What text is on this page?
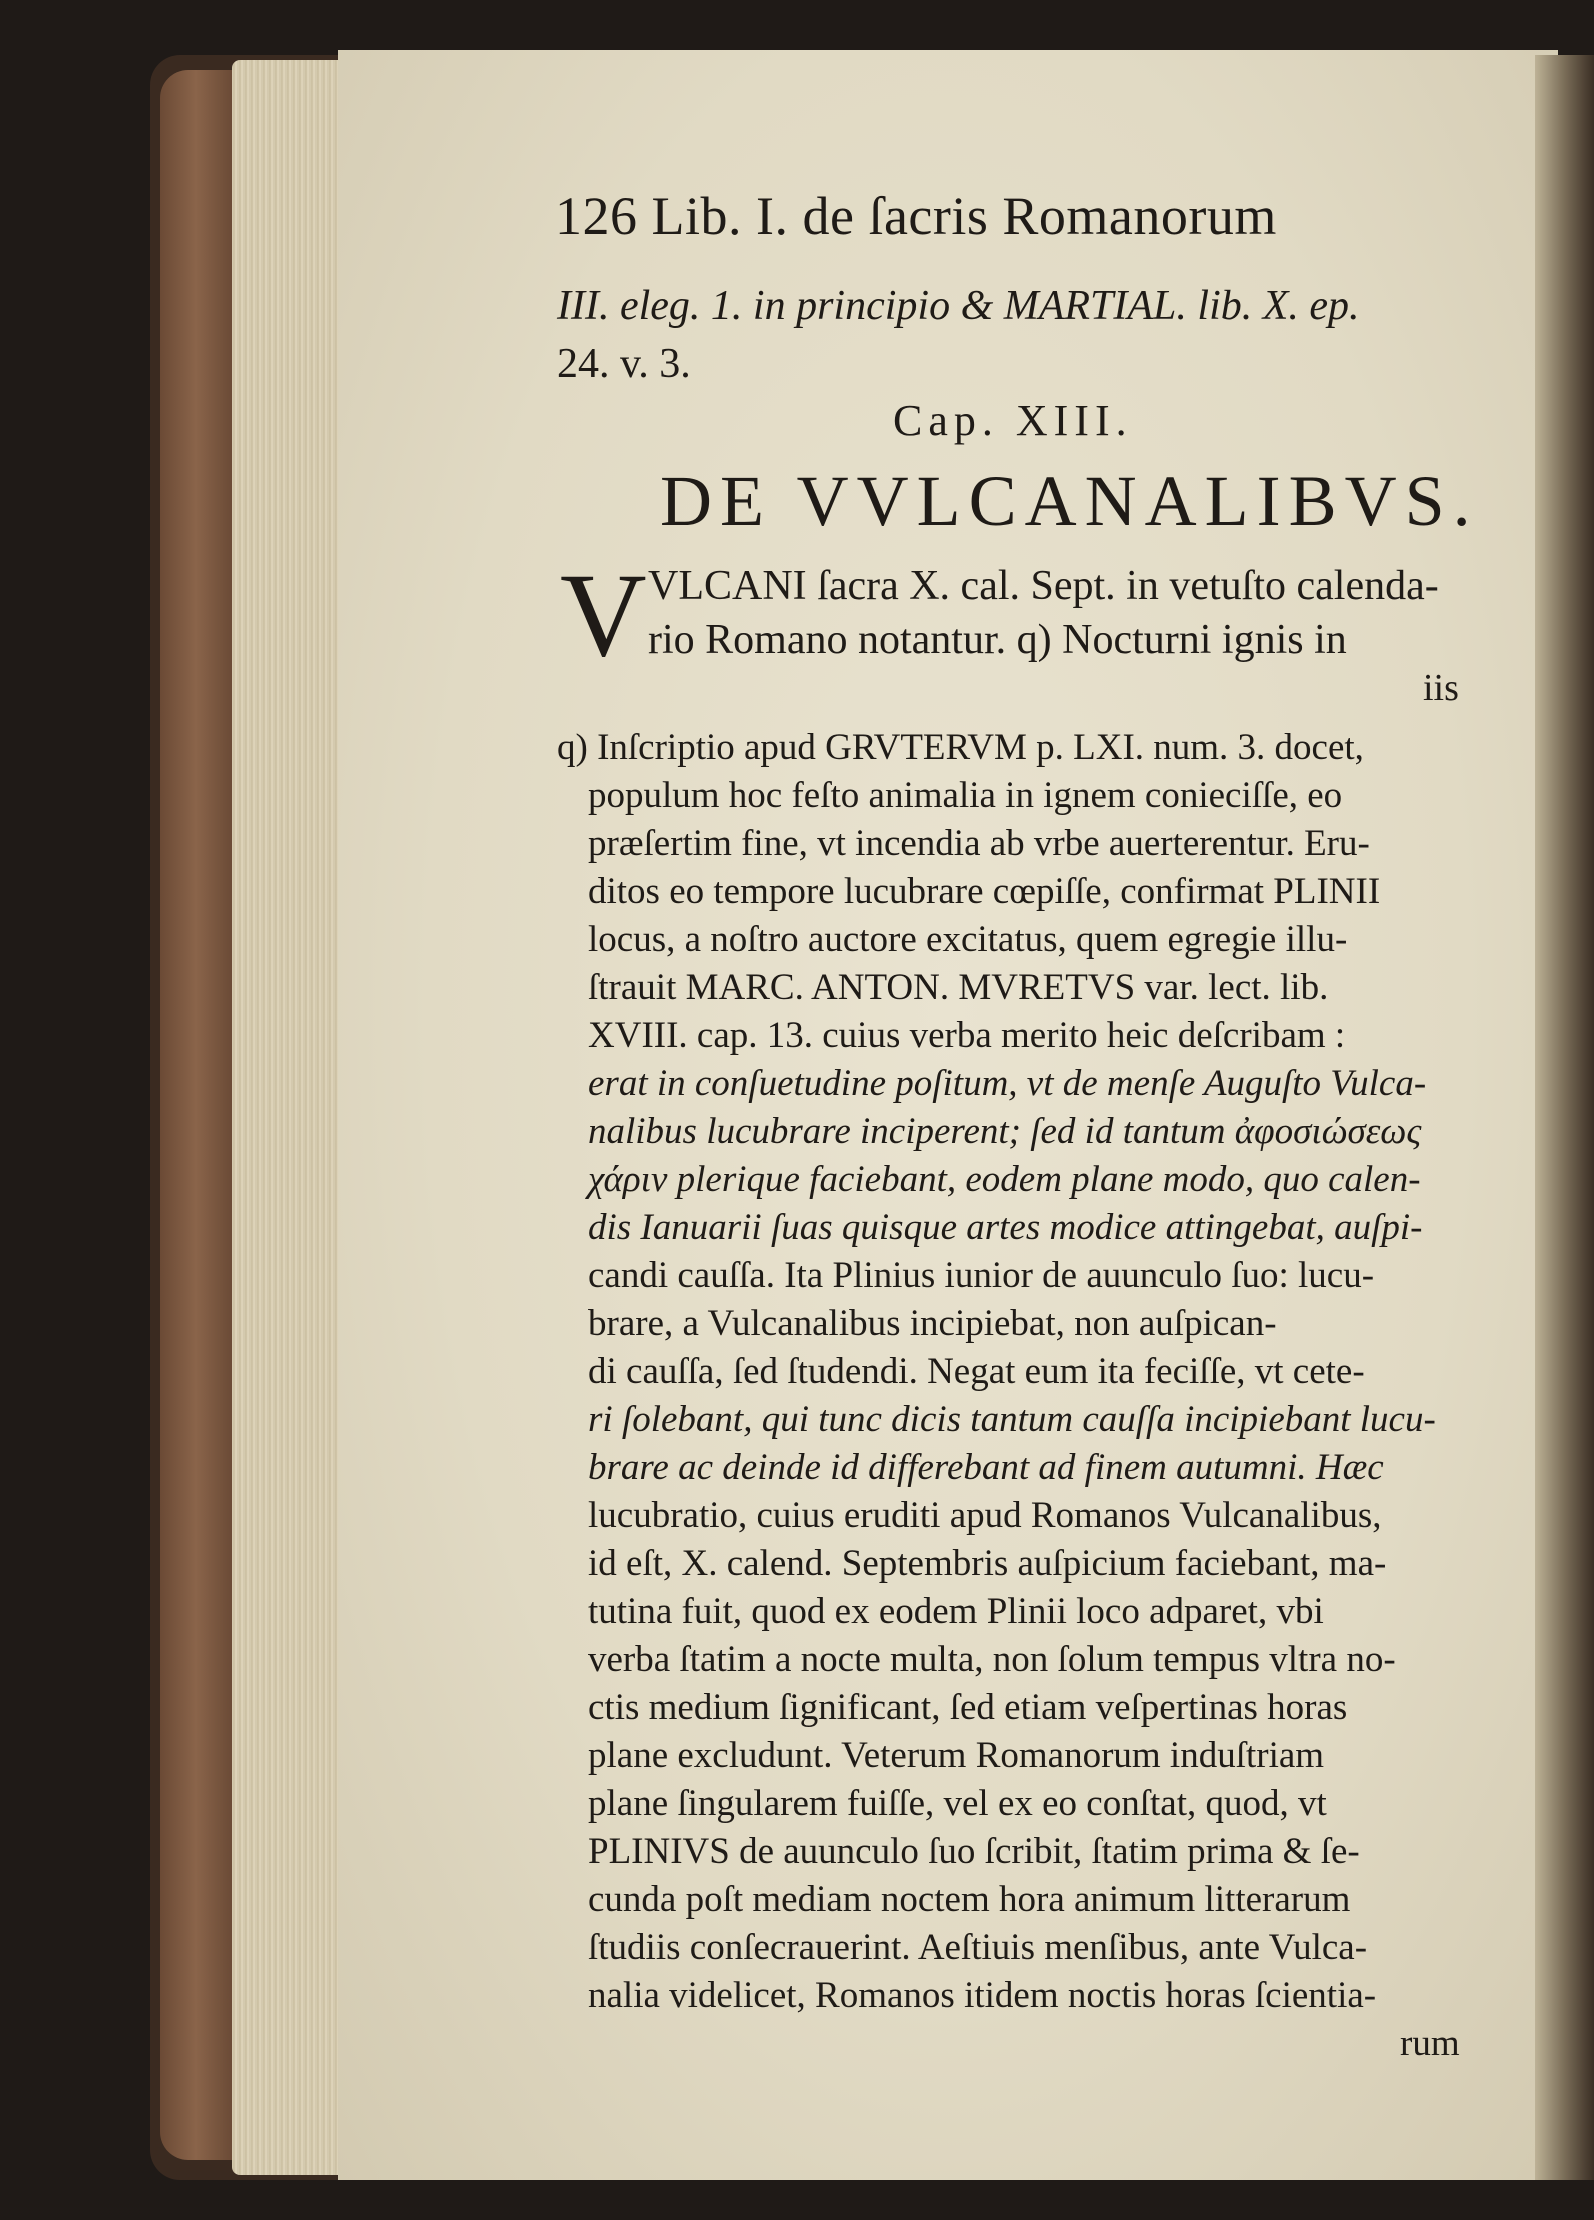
126 Lib. I. de ſacris Romanorum

III. eleg. 1. in principio & MARTIAL. lib. X. ep.

24. v. 3.

Cap. XIII.

DE VVLCANALIBVS.

V VLCANI ſacra X. cal. Sept. in vetuſto calenda-

rio Romano notantur. q) Nocturni ignis in

iis

q) Inſcriptio apud GRVTERVM p. LXI. num. 3. docet,

populum hoc feſto animalia in ignem conieciſſe, eo

præſertim fine, vt incendia ab vrbe auerterentur. Eru-

ditos eo tempore lucubrare cœpiſſe, confirmat PLINII

locus, a noſtro auctore excitatus, quem egregie illu-

ſtrauit MARC. ANTON. MVRETVS var. lect. lib.

XVIII. cap. 13. cuius verba merito heic deſcribam :

erat in conſuetudine poſitum, vt de menſe Auguſto Vulca-

nalibus lucubrare inciperent; ſed id tantum ἀφοσιώσεως

χάριν plerique faciebant, eodem plane modo, quo calen-

dis Ianuarii ſuas quisque artes modice attingebat, auſpi-

candi cauſſa. Ita Plinius iunior de auunculo ſuo: lucu-

brare, a Vulcanalibus incipiebat, non auſpican-

di cauſſa, ſed ſtudendi. Negat eum ita feciſſe, vt cete-

ri ſolebant, qui tunc dicis tantum cauſſa incipiebant lucu-

brare ac deinde id differebant ad finem autumni. Hæc

lucubratio, cuius eruditi apud Romanos Vulcanalibus,

id eſt, X. calend. Septembris auſpicium faciebant, ma-

tutina fuit, quod ex eodem Plinii loco adparet, vbi

verba ſtatim a nocte multa, non ſolum tempus vltra no-

ctis medium ſignificant, ſed etiam veſpertinas horas

plane excludunt. Veterum Romanorum induſtriam

plane ſingularem fuiſſe, vel ex eo conſtat, quod, vt

PLINIVS de auunculo ſuo ſcribit, ſtatim prima & ſe-

cunda poſt mediam noctem hora animum litterarum

ſtudiis conſecrauerint. Aeſtiuis menſibus, ante Vulca-

nalia videlicet, Romanos itidem noctis horas ſcientia-

rum
